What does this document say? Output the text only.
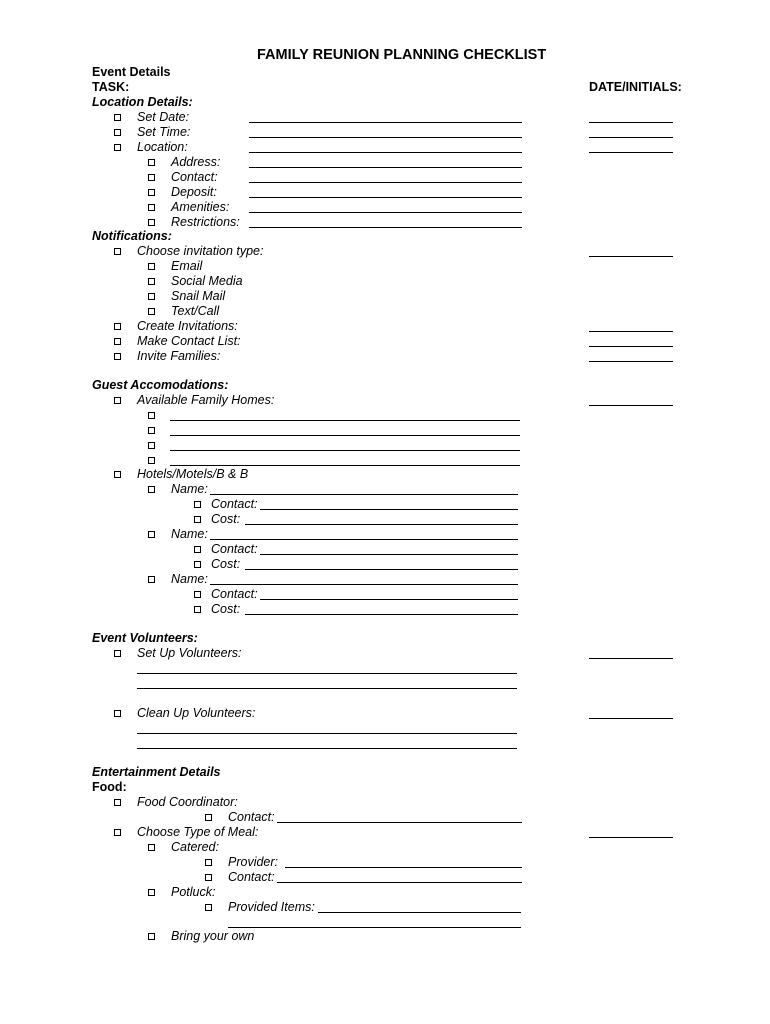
FAMILY REUNION PLANNING CHECKLIST
Event Details
TASK:	DATE/INITIALS:
Location Details:
Set Date:
Set Time:
Location:
Address:
Contact:
Deposit:
Amenities:
Restrictions:
Notifications:
Choose invitation type:
Email
Social Media
Snail Mail
Text/Call
Create Invitations:
Make Contact List:
Invite Families:
Guest Accomodations:
Available Family Homes:
Hotels/Motels/B & B
Name:
Contact:
Cost:
Name:
Contact:
Cost:
Name:
Contact:
Cost:
Event Volunteers:
Set Up Volunteers:
Clean Up Volunteers:
Entertainment Details
Food:
Food Coordinator:
Contact:
Choose Type of Meal:
Catered:
Provider:
Contact:
Potluck:
Provided Items:
Bring your own
